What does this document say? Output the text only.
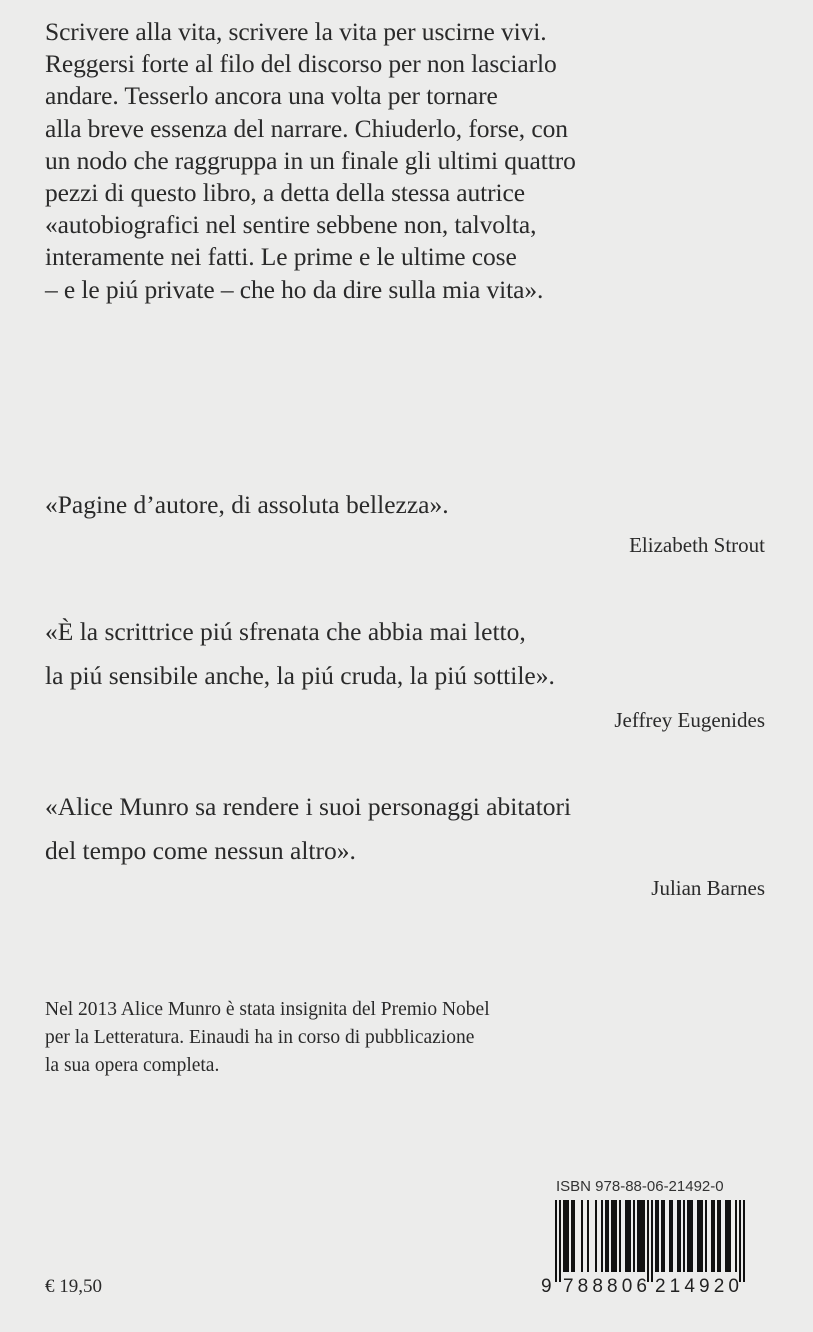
Scrivere alla vita, scrivere la vita per uscirne vivi.
Reggersi forte al filo del discorso per non lasciarlo
andare. Tesserlo ancora una volta per tornare
alla breve essenza del narrare. Chiuderlo, forse, con
un nodo che raggruppa in un finale gli ultimi quattro
pezzi di questo libro, a detta della stessa autrice
«autobiografici nel sentire sebbene non, talvolta,
interamente nei fatti. Le prime e le ultime cose
– e le piú private – che ho da dire sulla mia vita».
«Pagine d’autore, di assoluta bellezza».
Elizabeth Strout
«È la scrittrice piú sfrenata che abbia mai letto,
la piú sensibile anche, la piú cruda, la piú sottile».
Jeffrey Eugenides
«Alice Munro sa rendere i suoi personaggi abitatori
del tempo come nessun altro».
Julian Barnes
Nel 2013 Alice Munro è stata insignita del Premio Nobel
per la Letteratura. Einaudi ha in corso di pubblicazione
la sua opera completa.
ISBN 978-88-06-21492-0
9 788806 214920
€ 19,50
